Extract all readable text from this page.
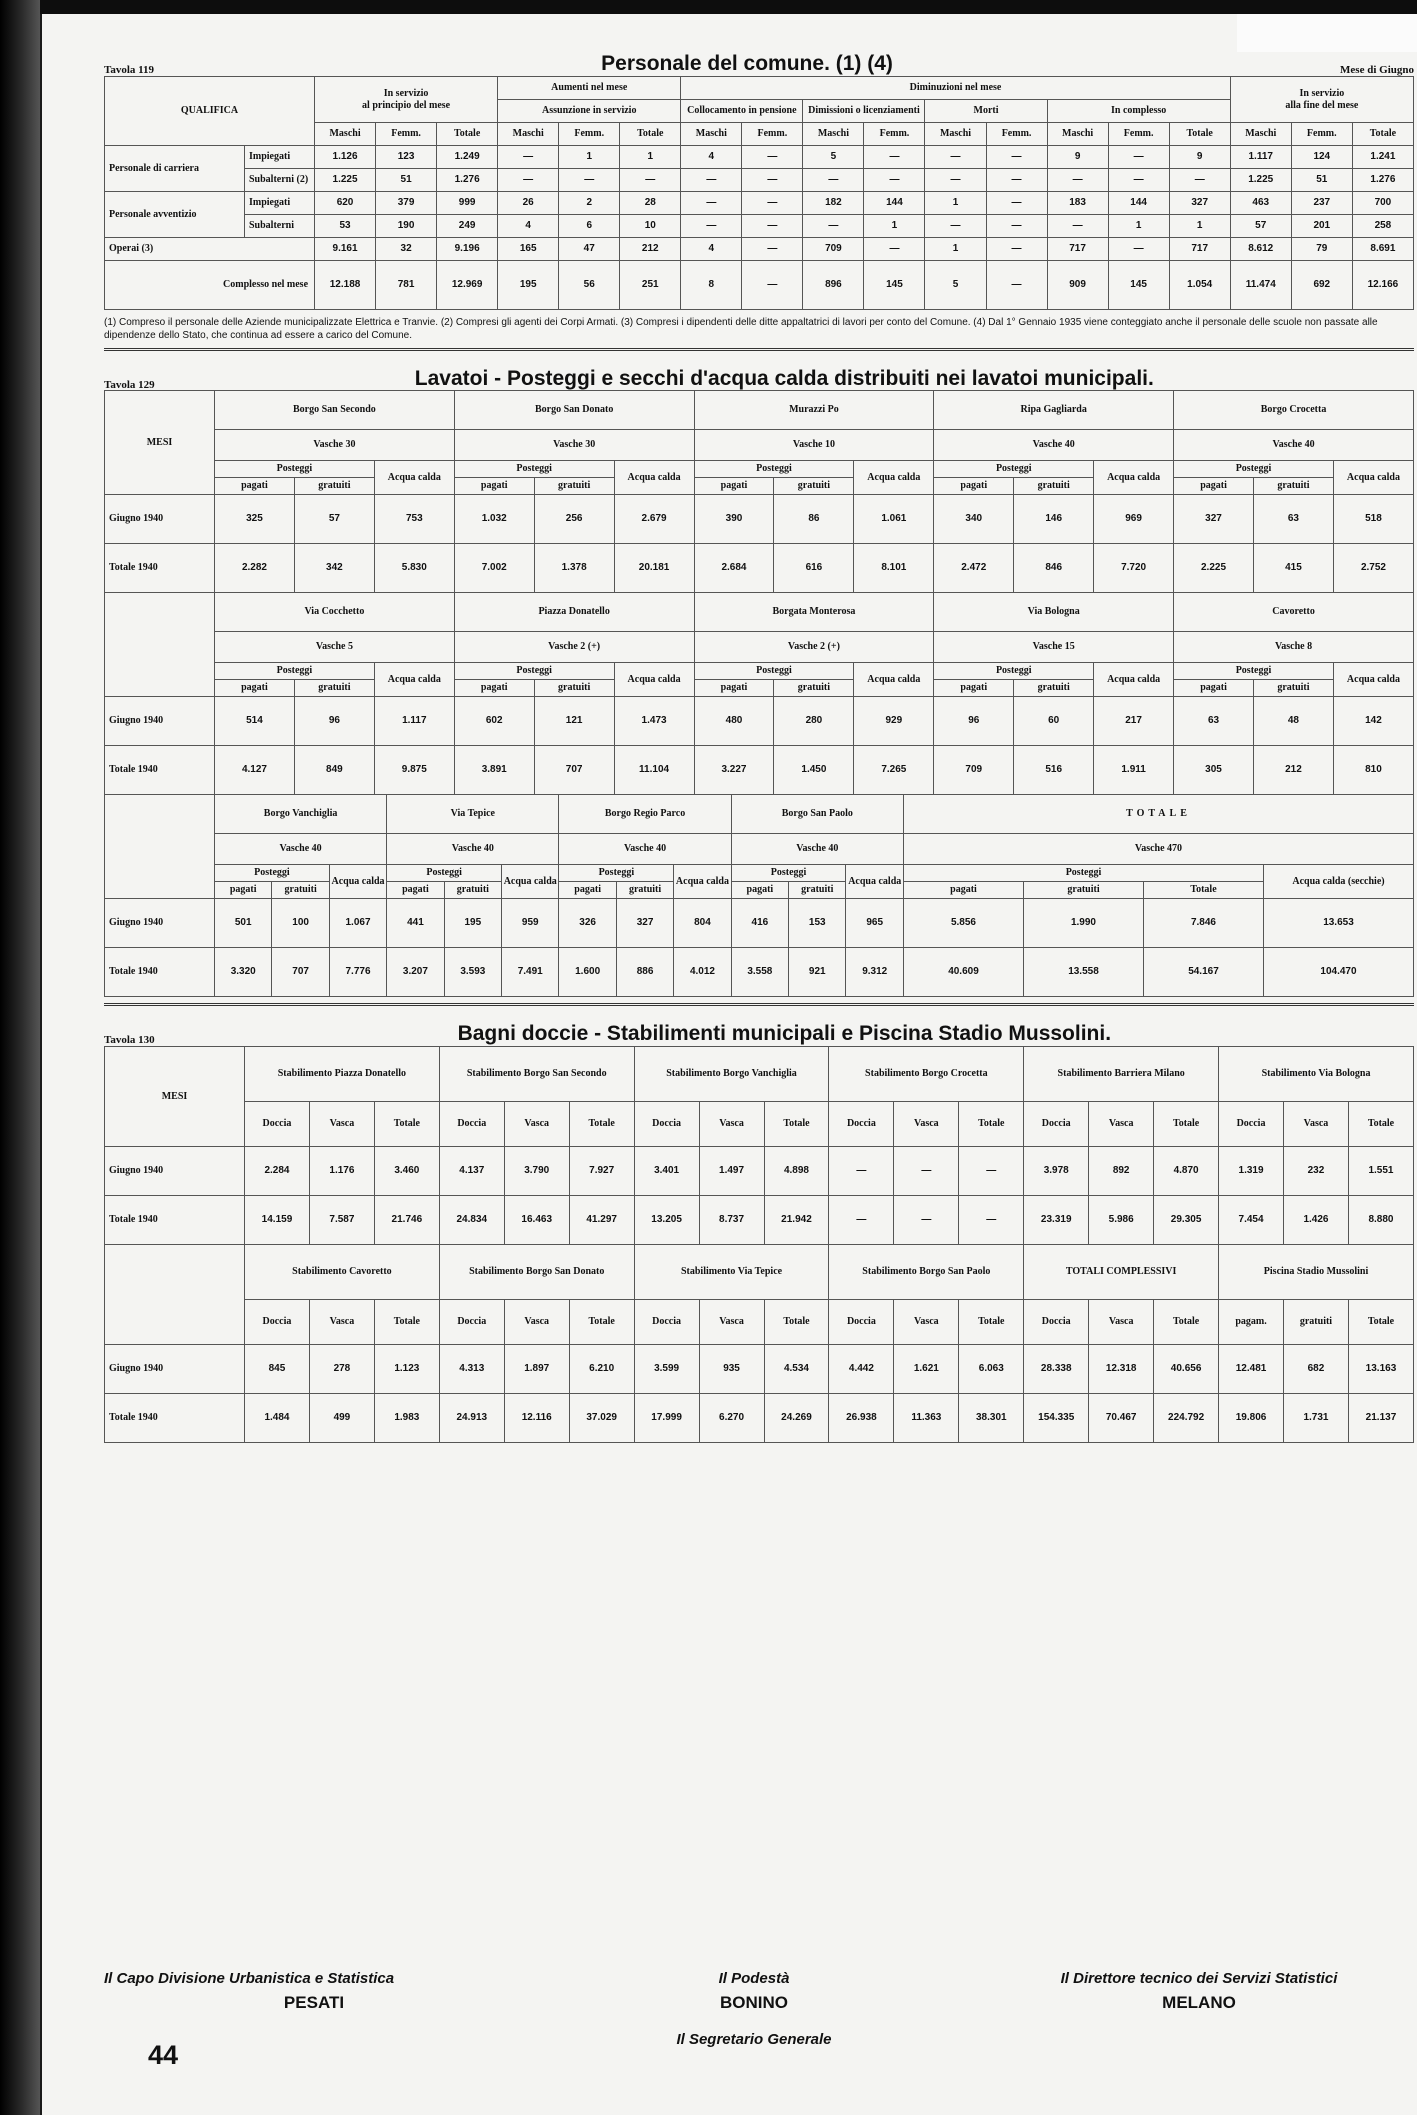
Tavola 119	Personale del comune. (1) (4)	Mese di Giugno
QUALIFICA		In servizio
al principio del mese			Aumenti nel mese			Diminuzioni nel mese									In servizio
alla fine del mese		
					Assunzione in servizio			Collocamento in pensione		Dimissioni o licenziamenti		Morti		In complesso					
		Maschi	Femm.	Totale	Maschi	Femm.	Totale	Maschi	Femm.	Maschi	Femm.	Maschi	Femm.	Maschi	Femm.	Totale	Maschi	Femm.	Totale
Personale di carriera	Impiegati	1.126	123	1.249	—	1	1	4	—	5	—	—	—	9	—	9	1.117	124	1.241
	Subalterni (2)	1.225	51	1.276	—	—	—	—	—	—	—	—	—	—	—	—	1.225	51	1.276
Personale avventizio	Impiegati	620	379	999	26	2	28	—	—	182	144	1	—	183	144	327	463	237	700
	Subalterni	53	190	249	4	6	10	—	—	—	1	—	—	—	1	1	57	201	258
Operai (3)		9.161	32	9.196	165	47	212	4	—	709	—	1	—	717	—	717	8.612	79	8.691
Complesso nel mese		12.188	781	12.969	195	56	251	8	—	896	145	5	—	909	145	1.054	11.474	692	12.166
(1) Compreso il personale delle Aziende municipalizzate Elettrica e Tranvie. (2) Compresi gli agenti dei Corpi Armati. (3) Compresi i dipendenti delle ditte appaltatrici di lavori per conto del Comune. (4) Dal 1° Gennaio 1935 viene conteggiato anche il personale delle scuole non passate alle dipendenze dello Stato, che continua ad essere a carico del Comune.
Tavola 129	Lavatoi - Posteggi e secchi d'acqua calda distribuiti nei lavatoi municipali.
MESI	Borgo San Secondo			Borgo San Donato			Murazzi Po			Ripa Gagliarda			Borgo Crocetta		
	Vasche 30			Vasche 30			Vasche 10			Vasche 40			Vasche 40		
	Posteggi		Acqua calda	Posteggi		Acqua calda	Posteggi		Acqua calda	Posteggi		Acqua calda	Posteggi		Acqua calda
	pagati	gratuiti		pagati	gratuiti		pagati	gratuiti		pagati	gratuiti		pagati	gratuiti	
Giugno 1940	325	57	753	1.032	256	2.679	390	86	1.061	340	146	969	327	63	518
Totale 1940	2.282	342	5.830	7.002	1.378	20.181	2.684	616	8.101	2.472	846	7.720	2.225	415	2.752
	Via Cocchetto			Piazza Donatello			Borgata Monterosa			Via Bologna			Cavoretto		
	Vasche 5			Vasche 2 (+)			Vasche 2 (+)			Vasche 15			Vasche 8		
	Posteggi		Acqua calda	Posteggi		Acqua calda	Posteggi		Acqua calda	Posteggi		Acqua calda	Posteggi		Acqua calda
	pagati	gratuiti		pagati	gratuiti		pagati	gratuiti		pagati	gratuiti		pagati	gratuiti	
Giugno 1940	514	96	1.117	602	121	1.473	480	280	929	96	60	217	63	48	142
Totale 1940	4.127	849	9.875	3.891	707	11.104	3.227	1.450	7.265	709	516	1.911	305	212	810
	Borgo Vanchiglia			Via Tepice			Borgo Regio Parco			Borgo San Paolo			TOTALE			
	Vasche 40			Vasche 40			Vasche 40			Vasche 40			Vasche 470			
	Posteggi		Acqua calda	Posteggi		Acqua calda	Posteggi		Acqua calda	Posteggi		Acqua calda	Posteggi			Acqua calda (secchie)
	pagati	gratuiti		pagati	gratuiti		pagati	gratuiti		pagati	gratuiti		pagati	gratuiti	Totale	
Giugno 1940	501	100	1.067	441	195	959	326	327	804	416	153	965	5.856	1.990	7.846	13.653
Totale 1940	3.320	707	7.776	3.207	3.593	7.491	1.600	886	4.012	3.558	921	9.312	40.609	13.558	54.167	104.470
Tavola 130	Bagni doccie - Stabilimenti municipali e Piscina Stadio Mussolini.
MESI	Stabilimento Piazza Donatello			Stabilimento Borgo San Secondo			Stabilimento Borgo Vanchiglia			Stabilimento Borgo Crocetta			Stabilimento Barriera Milano			Stabilimento Via Bologna		
	Doccia	Vasca	Totale	Doccia	Vasca	Totale	Doccia	Vasca	Totale	Doccia	Vasca	Totale	Doccia	Vasca	Totale	Doccia	Vasca	Totale
Giugno 1940	2.284	1.176	3.460	4.137	3.790	7.927	3.401	1.497	4.898	—	—	—	3.978	892	4.870	1.319	232	1.551
Totale 1940	14.159	7.587	21.746	24.834	16.463	41.297	13.205	8.737	21.942	—	—	—	23.319	5.986	29.305	7.454	1.426	8.880
	Stabilimento Cavoretto			Stabilimento Borgo San Donato			Stabilimento Via Tepice			Stabilimento Borgo San Paolo			TOTALI COMPLESSIVI			Piscina Stadio Mussolini		
	Doccia	Vasca	Totale	Doccia	Vasca	Totale	Doccia	Vasca	Totale	Doccia	Vasca	Totale	Doccia	Vasca	Totale	pagam.	gratuiti	Totale
Giugno 1940	845	278	1.123	4.313	1.897	6.210	3.599	935	4.534	4.442	1.621	6.063	28.338	12.318	40.656	12.481	682	13.163
Totale 1940	1.484	499	1.983	24.913	12.116	37.029	17.999	6.270	24.269	26.938	11.363	38.301	154.335	70.467	224.792	19.806	1.731	21.137
Il Capo Divisione Urbanistica e Statistica
PESATI
Il Podestà
BONINO
Il Segretario Generale
Il Direttore tecnico dei Servizi Statistici
MELANO
44
